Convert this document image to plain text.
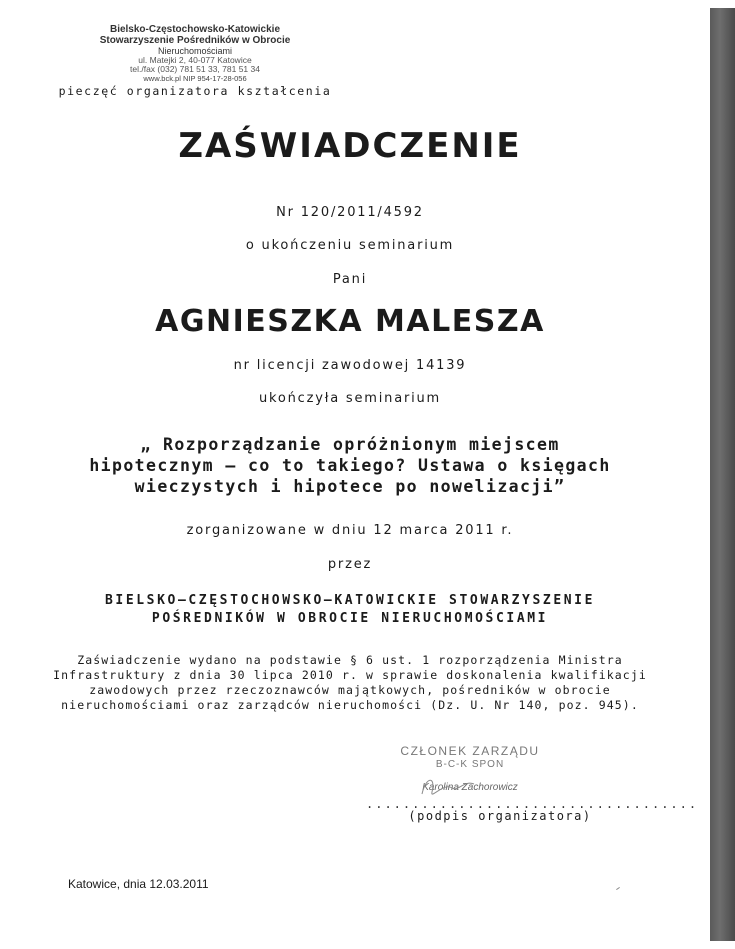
Bielsko-Częstochowsko-Katowickie
Stowarzyszenie Pośredników w Obrocie
Nieruchomościami
ul. Matejki 2, 40-077 Katowice
tel./fax (032) 781 51 33, 781 51 34
www.bck.pl NIP 954-17-28-056
pieczęć organizatora kształcenia
ZAŚWIADCZENIE
Nr 120/2011/4592
o ukończeniu seminarium
Pani
AGNIESZKA MALESZA
nr licencji zawodowej 14139
ukończyła seminarium
„ Rozporządzanie opróżnionym miejscem
hipotecznym – co to takiego? Ustawa o księgach
wieczystych i hipotece po nowelizacji”
zorganizowane w dniu 12 marca 2011 r.
przez
BIELSKO–CZĘSTOCHOWSKO–KATOWICKIE STOWARZYSZENIE
POŚREDNIKÓW W OBROCIE NIERUCHOMOŚCIAMI
Zaświadczenie wydano na podstawie § 6 ust. 1 rozporządzenia Ministra
Infrastruktury z dnia 30 lipca 2010 r. w sprawie doskonalenia kwalifikacji
zawodowych przez rzeczoznawców majątkowych, pośredników w obrocie
nieruchomościami oraz zarządców nieruchomości (Dz. U. Nr 140, poz. 945).
CZŁONEK ZARZĄDU
B-C-K SPON
Karolina Zachorowicz
....................................
(podpis organizatora)
Katowice, dnia 12.03.2011
